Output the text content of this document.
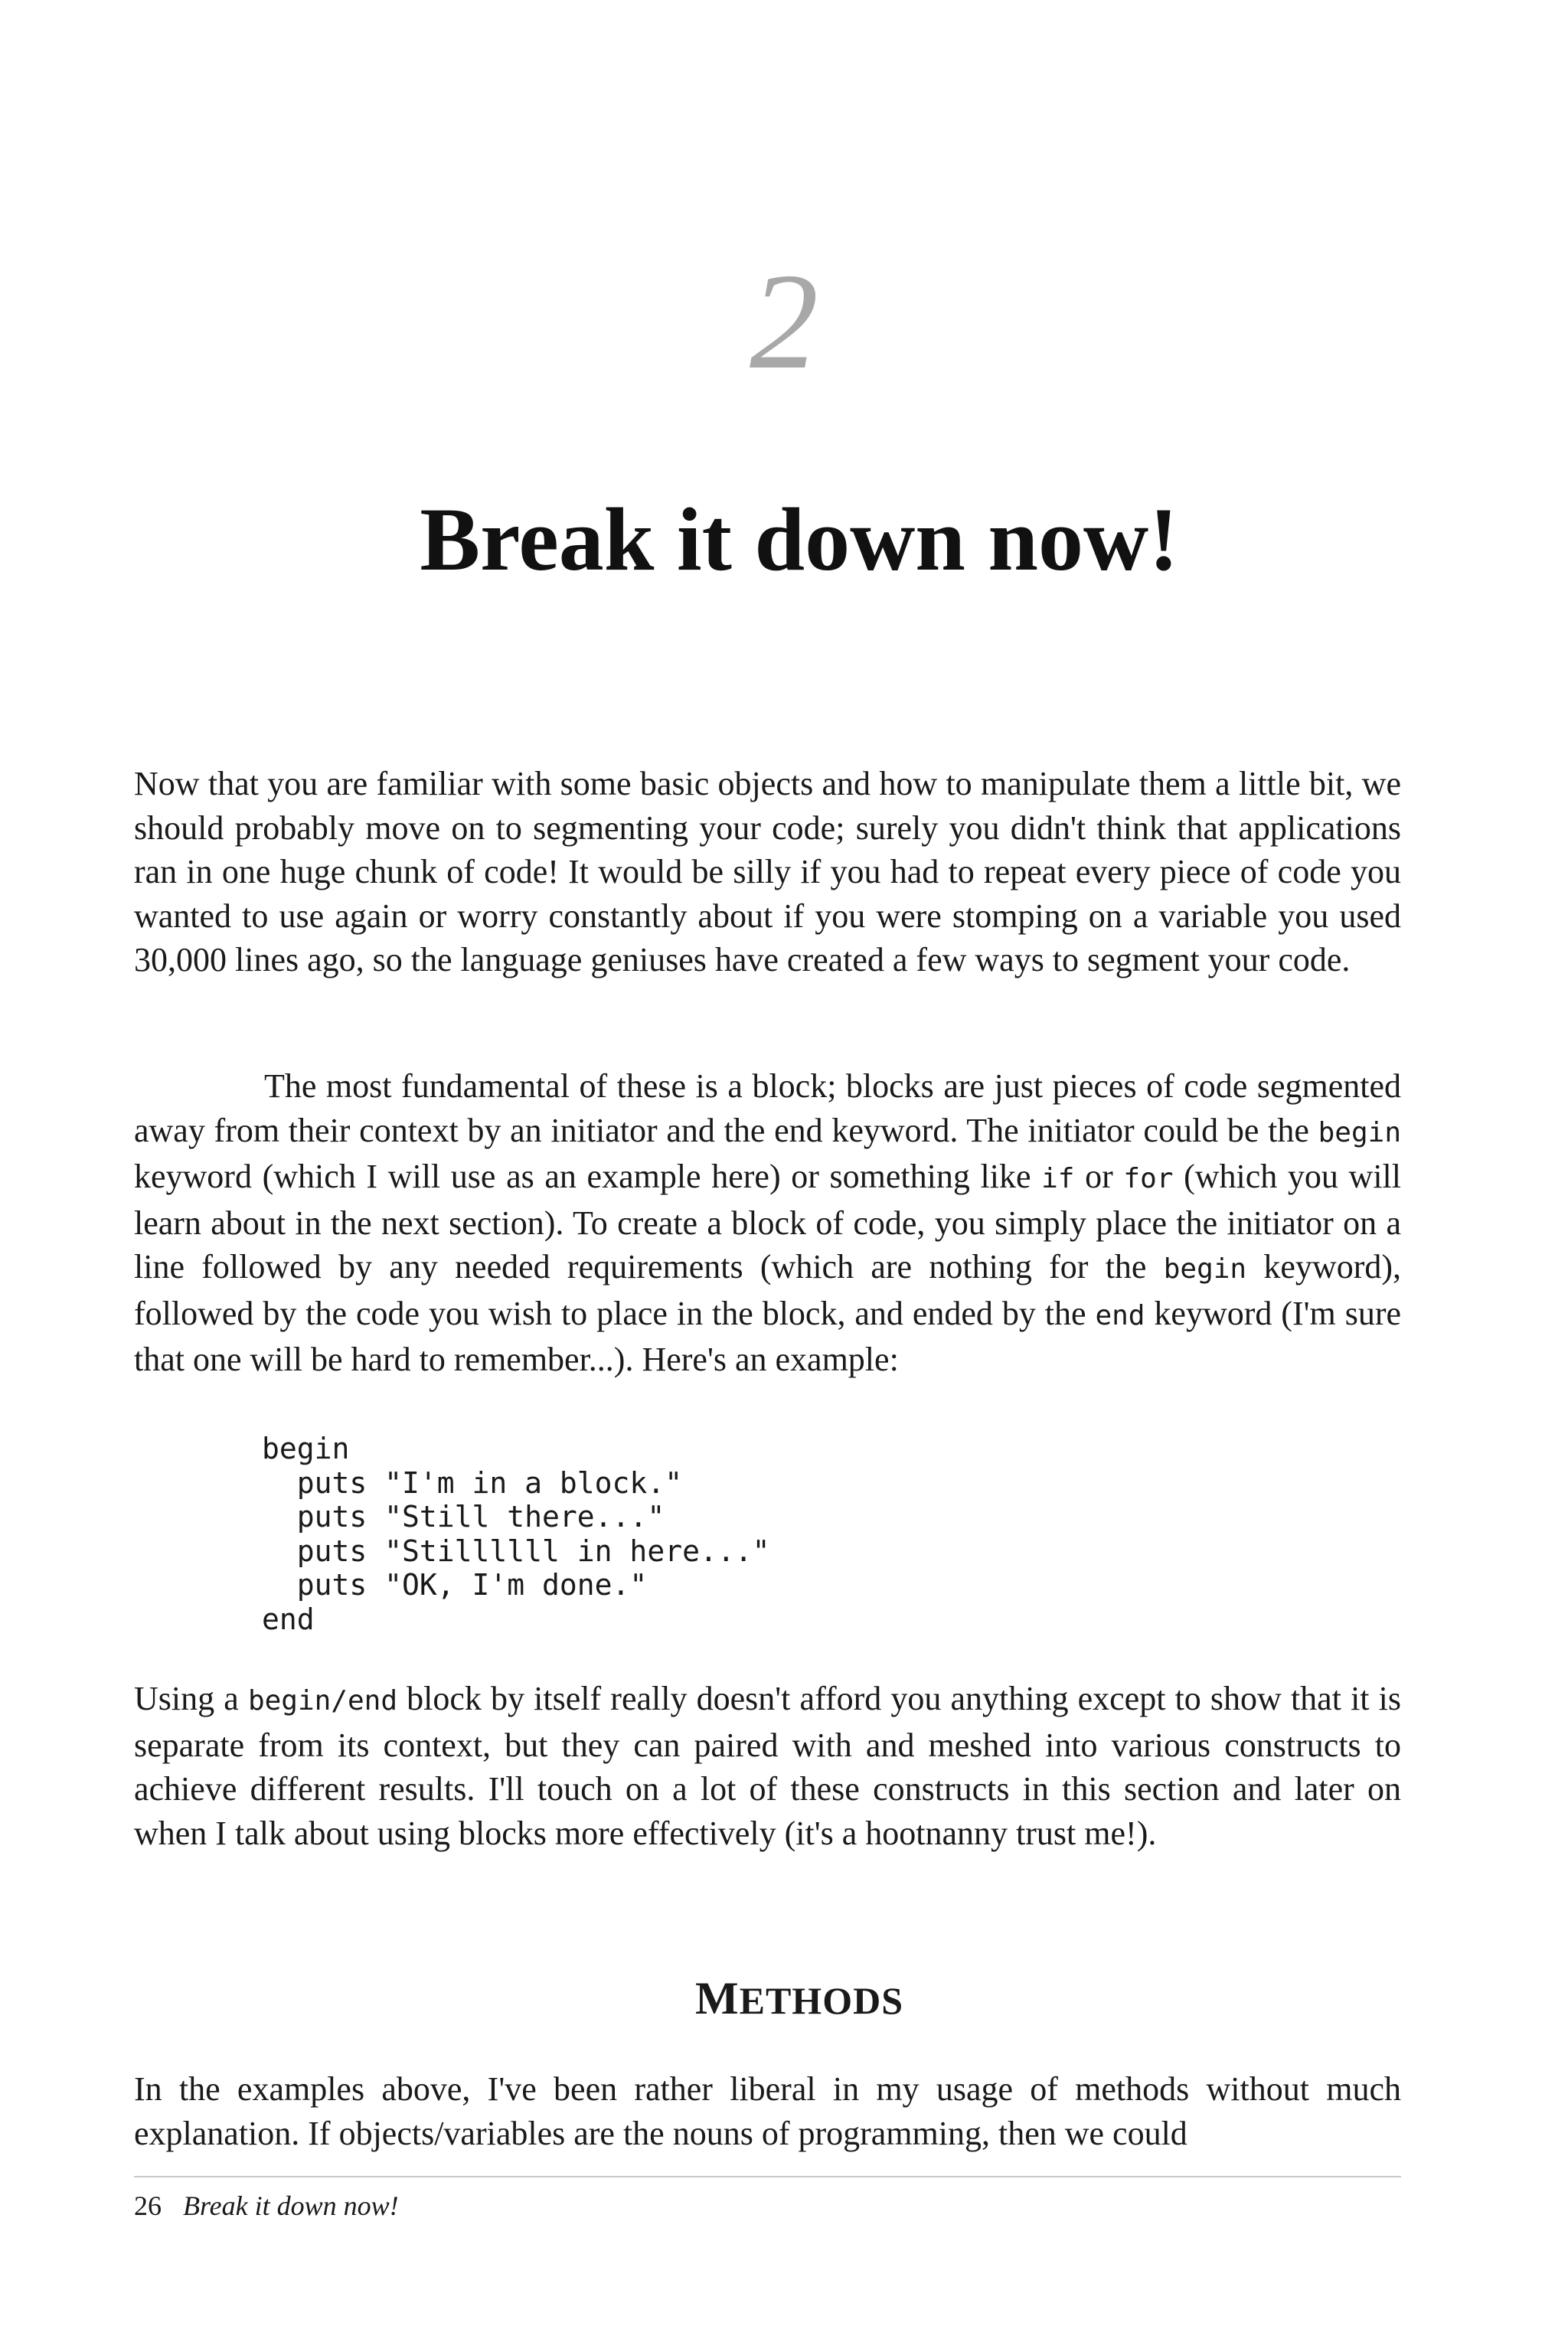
2
Break it down now!

Now that you are familiar with some basic objects and how to manipulate them a little bit, we should probably move on to segmenting your code; surely you didn't think that applications ran in one huge chunk of code! It would be silly if you had to repeat every piece of code you wanted to use again or worry constantly about if you were stomping on a variable you used 30,000 lines ago, so the language geniuses have created a few ways to segment your code.

The most fundamental of these is a block; blocks are just pieces of code segmented away from their context by an initiator and the end keyword. The initiator could be the begin keyword (which I will use as an example here) or something like if or for (which you will learn about in the next section). To create a block of code, you simply place the initiator on a line followed by any needed requirements (which are nothing for the begin keyword), followed by the code you wish to place in the block, and ended by the end keyword (I'm sure that one will be hard to remember...). Here's an example:

begin
puts "I'm in a block."
puts "Still there..."
puts "Stillllll in here..."
puts "OK, I'm done."
end

Using a begin/end block by itself really doesn't afford you anything except to show that it is separate from its context, but they can paired with and meshed into various constructs to achieve different results. I'll touch on a lot of these constructs in this section and later on when I talk about using blocks more effectively (it's a hootnanny trust me!).

METHODS

In the examples above, I've been rather liberal in my usage of methods without much explanation. If objects/variables are the nouns of programming, then we could

26 Break it down now!
